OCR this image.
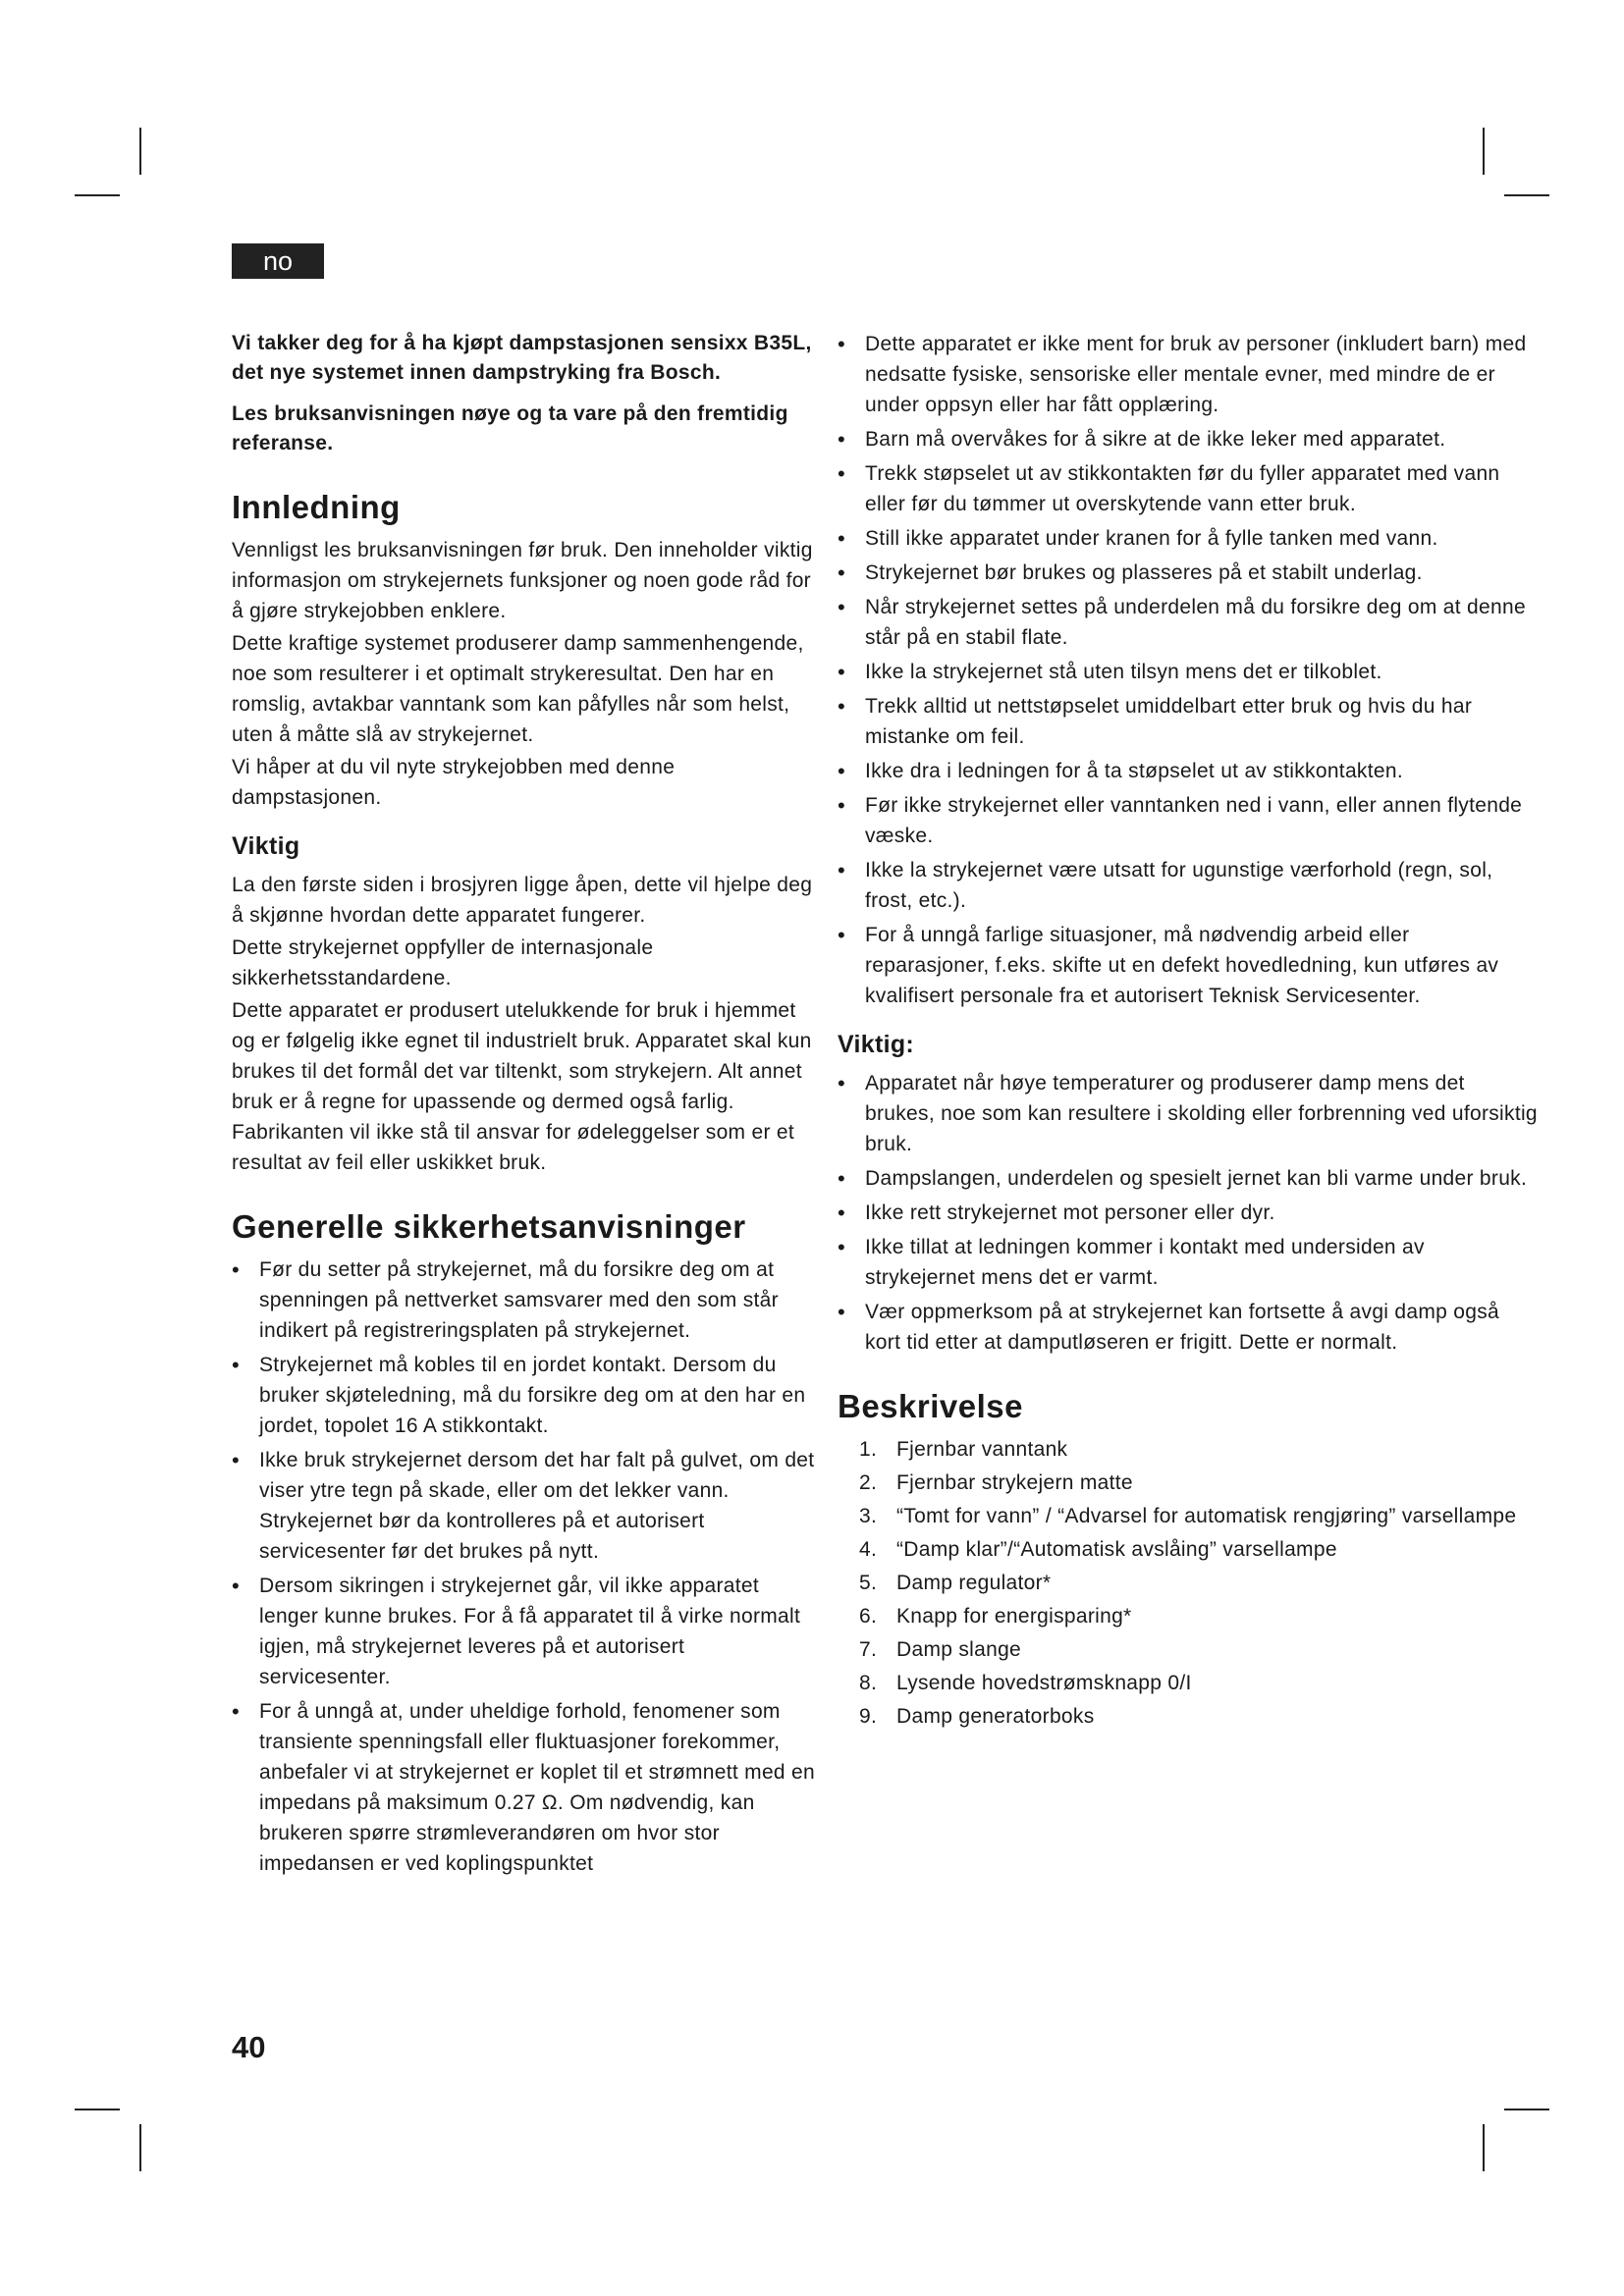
no

Vi takker deg for å ha kjøpt dampstasjonen sensixx B35L, det nye systemet innen dampstryking fra Bosch.

Les bruksanvisningen nøye og ta vare på den fremtidig referanse.

Innledning

Vennligst les bruksanvisningen før bruk. Den inneholder viktig informasjon om strykejernets funksjoner og noen gode råd for å gjøre strykejobben enklere.

Dette kraftige systemet produserer damp sammenhengende, noe som resulterer i et optimalt strykeresultat. Den har en romslig, avtakbar vanntank som kan påfylles når som helst, uten å måtte slå av strykejernet.

Vi håper at du vil nyte strykejobben med denne dampstasjonen.

Viktig

La den første siden i brosjyren ligge åpen, dette vil hjelpe deg å skjønne hvordan dette apparatet fungerer.

Dette strykejernet oppfyller de internasjonale sikkerhetsstandardene.

Dette apparatet er produsert utelukkende for bruk i hjemmet og er følgelig ikke egnet til industrielt bruk. Apparatet skal kun brukes til det formål det var tiltenkt, som strykejern. Alt annet bruk er å regne for upassende og dermed også farlig. Fabrikanten vil ikke stå til ansvar for ødeleggelser som er et resultat av feil eller uskikket bruk.

Generelle sikkerhetsanvisninger
• Før du setter på strykejernet, må du forsikre deg om at spenningen på nettverket samsvarer med den som står indikert på registreringsplaten på strykejernet.
• Strykejernet må kobles til en jordet kontakt. Dersom du bruker skjøteledning, må du forsikre deg om at den har en jordet, topolet 16 A stikkontakt.
• Ikke bruk strykejernet dersom det har falt på gulvet, om det viser ytre tegn på skade, eller om det lekker vann. Strykejernet bør da kontrolleres på et autorisert servicesenter før det brukes på nytt.
• Dersom sikringen i strykejernet går, vil ikke apparatet lenger kunne brukes. For å få apparatet til å virke normalt igjen, må strykejernet leveres på et autorisert servicesenter.
• For å unngå at, under uheldige forhold, fenomener som transiente spenningsfall eller fluktuasjoner forekommer, anbefaler vi at strykejernet er koplet til et strømnett med en impedans på maksimum 0.27 Ω. Om nødvendig, kan brukeren spørre strømleverandøren om hvor stor impedansen er ved koplingspunktet
• Dette apparatet er ikke ment for bruk av personer (inkludert barn) med nedsatte fysiske, sensoriske eller mentale evner, med mindre de er under oppsyn eller har fått opplæring.
• Barn må overvåkes for å sikre at de ikke leker med apparatet.
• Trekk støpselet ut av stikkontakten før du fyller apparatet med vann eller før du tømmer ut overskytende vann etter bruk.
• Still ikke apparatet under kranen for å fylle tanken med vann.
• Strykejernet bør brukes og plasseres på et stabilt underlag.
• Når strykejernet settes på underdelen må du forsikre deg om at denne står på en stabil flate.
• Ikke la strykejernet stå uten tilsyn mens det er tilkoblet.
• Trekk alltid ut nettstøpselet umiddelbart etter bruk og hvis du har mistanke om feil.
• Ikke dra i ledningen for å ta støpselet ut av stikkontakten.
• Før ikke strykejernet eller vanntanken ned i vann, eller annen flytende væske.
• Ikke la strykejernet være utsatt for ugunstige værforhold (regn, sol, frost, etc.).
• For å unngå farlige situasjoner, må nødvendig arbeid eller reparasjoner, f.eks. skifte ut en defekt hovedledning, kun utføres av kvalifisert personale fra et autorisert Teknisk Servicesenter.
Viktig:
• Apparatet når høye temperaturer og produserer damp mens det brukes, noe som kan resultere i skolding eller forbrenning ved uforsiktig bruk.
• Dampslangen, underdelen og spesielt jernet kan bli varme under bruk.
• Ikke rett strykejernet mot personer eller dyr.
• Ikke tillat at ledningen kommer i kontakt med undersiden av strykejernet mens det er varmt.
• Vær oppmerksom på at strykejernet kan fortsette å avgi damp også kort tid etter at damputløseren er frigitt. Dette er normalt.
Beskrivelse
1. Fjernbar vanntank
2. Fjernbar strykejern matte
3. “Tomt for vann” / “Advarsel for automatisk rengjøring” varsellampe
4. “Damp klar”/“Automatisk avslåing” varsellampe
5. Damp regulator*
6. Knapp for energisparing*
7. Damp slange
8. Lysende hovedstrømsknapp 0/I
9. Damp generatorboks
40
